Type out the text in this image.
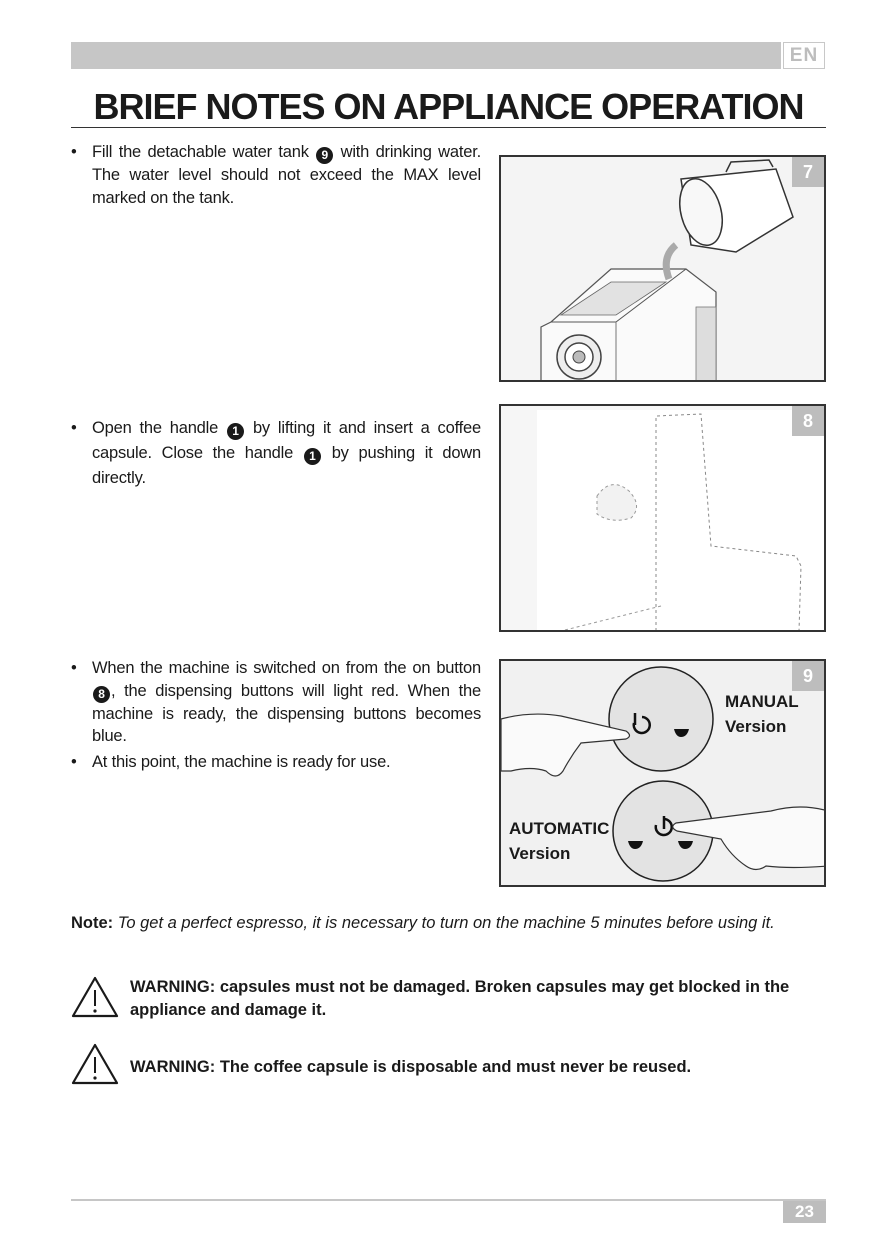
EN
BRIEF NOTES ON APPLIANCE OPERATION
• Fill the detachable water tank 9 with drinking water. The water level should not exceed the MAX level marked on the tank.
7
• Open the handle 1 by lifting it and insert a coffee capsule. Close the handle 1 by pushing it down directly.
8
• When the machine is switched on from the on button 8 , the dispensing buttons will light red. When the machine is ready, the dispensing buttons becomes blue.
• At this point, the machine is ready for use.
9
MANUAL
Version
AUTOMATIC
Version
Note: To get a perfect espresso, it is necessary to turn on the machine 5 minutes before using it.
WARNING: capsules must not be damaged. Broken capsules may get blocked in the appliance and damage it.
WARNING: The coffee capsule is disposable and must never be reused.
23
